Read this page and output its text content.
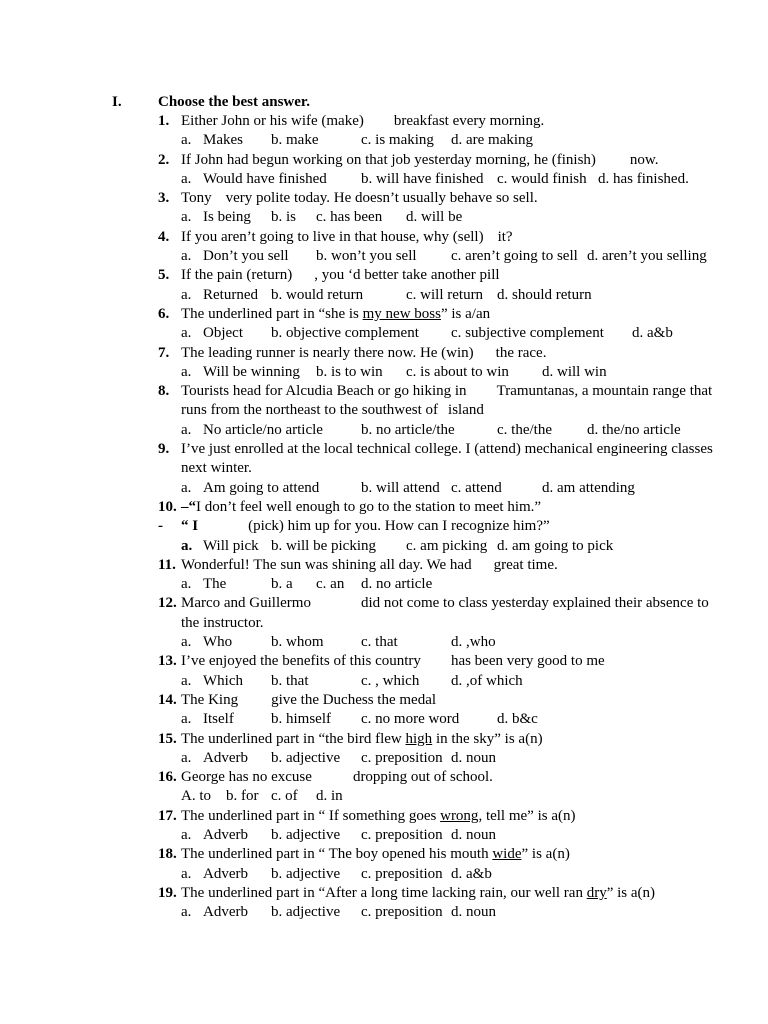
I. Choose the best answer.
1. Either John or his wife (make) breakfast every morning.
a. Makes b. make	c. is making d. are making
2. If John had begun working on that job yesterday morning, he (finish) now.
a. Would have finished b. will have finished c. would finish d. has finished.
3. Tony very polite today. He doesn’t usually behave so sell.
a. Is being b. is c. has been d. will be
4. If you aren’t going to live in that house, why (sell) it?
a. Don’t you sell b. won’t you sell c. aren’t going to sell d. aren’t you selling
5. If the pain (return) , you ‘d better take another pill
a. Returned b. would return	c. will return d. should return
6. The underlined part in “she is my new boss” is a/an
a. Object b. objective complement c. subjective complement d. a&b
7. The leading runner is nearly there now. He (win) the race.
a. Will be winning b. is to win c. is about to win d. will win
8. Tourists head for Alcudia Beach or go hiking in Tramuntanas, a mountain range that runs from the northeast to the southwest of island
a. No article/no article	b. no article/the	c. the/the d. the/no article
9. I’ve just enrolled at the local technical college. I (attend) mechanical engineering classes next winter.
a. Am going to attend	b. will attend c. attend	d. am attending
10. –“I don’t feel well enough to go to the station to meet him.”
- “ I	(pick) him up for you. How can I recognize him?”
a. Will pick b. will be picking c. am picking d. am going to pick
11. Wonderful! The sun was shining all day. We had great time.
a. The	b. a c. an d. no article
12. Marco and Guillermo	did not come to class yesterday explained their absence to the instructor.
a. Who	b. whom	c. that	d. ,who
13. I’ve enjoyed the benefits of this country has been very good to me
a. Which b. that	c. , which d. ,of which
14. The King give the Duchess the medal
a. Itself b. himself c. no more word	d. b&c
15. The underlined part in “the bird flew high in the sky” is a(n)
a. Adverb b. adjective c. preposition d. noun
16. George has no excuse	dropping out of school.
A. to b. for c. of d. in
17. The underlined part in “ If something goes wrong, tell me” is a(n)
a. Adverb b. adjective c. preposition d. noun
18. The underlined part in “ The boy opened his mouth wide” is a(n)
a. Adverb b. adjective c. preposition d. a&b
19. The underlined part in “After a long time lacking rain, our well ran dry” is a(n)
a. Adverb b. adjective c. preposition d. noun
